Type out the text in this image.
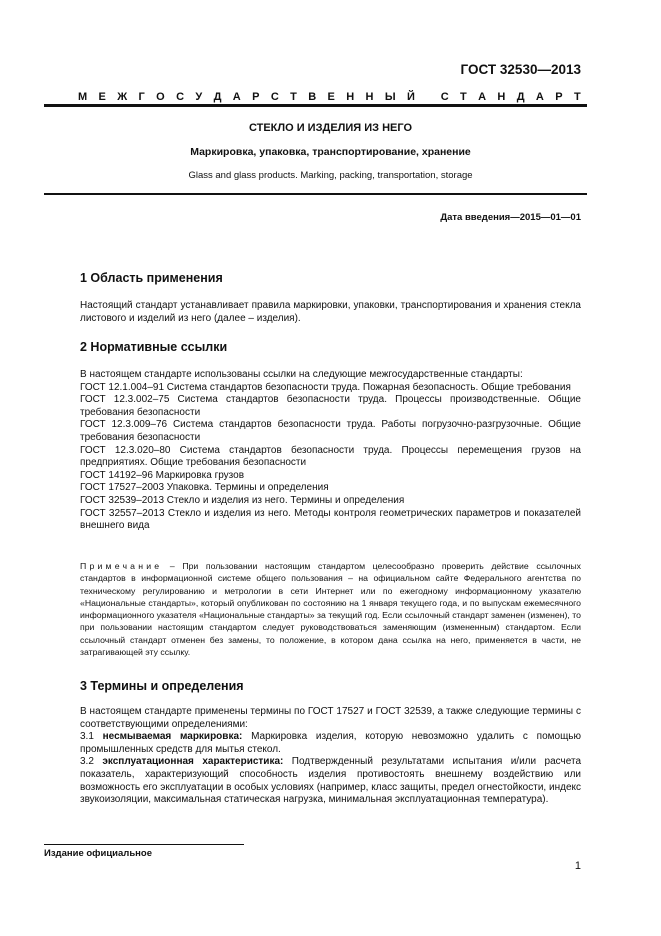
ГОСТ 32530—2013
М Е Ж Г О С У Д А Р С Т В Е Н Н Ы Й
С Т А Н Д А Р Т
СТЕКЛО И ИЗДЕЛИЯ ИЗ НЕГО
Маркировка, упаковка, транспортирование, хранение
Glass and glass products. Marking, packing, transportation, storage
Дата введения—2015—01—01
1 Область применения
Настоящий стандарт устанавливает правила маркировки, упаковки, транспортирования и хранения стекла листового и изделий из него (далее – изделия).
2 Нормативные ссылки
В настоящем стандарте использованы ссылки на следующие межгосударственные стандарты:
ГОСТ 12.1.004–91 Система стандартов безопасности труда. Пожарная безопасность. Общие требования
ГОСТ 12.3.002–75 Система стандартов безопасности труда. Процессы производственные. Общие требования безопасности
ГОСТ 12.3.009–76 Система стандартов безопасности труда. Работы погрузочно-разгрузочные. Общие требования безопасности
ГОСТ 12.3.020–80 Система стандартов безопасности труда. Процессы перемещения грузов на предприятиях. Общие требования безопасности
ГОСТ 14192–96 Маркировка грузов
ГОСТ 17527–2003 Упаковка. Термины и определения
ГОСТ 32539–2013 Стекло и изделия из него. Термины и определения
ГОСТ 32557–2013 Стекло и изделия из него. Методы контроля геометрических параметров и показателей внешнего вида
Примечание – При пользовании настоящим стандартом целесообразно проверить действие ссылочных стандартов в информационной системе общего пользования – на официальном сайте Федерального агентства по техническому регулированию и метрологии в сети Интернет или по ежегодному информационному указателю «Национальные стандарты», который опубликован по состоянию на 1 января текущего года, и по выпускам ежемесячного информационного указателя «Национальные стандарты» за текущий год. Если ссылочный стандарт заменен (изменен), то при пользовании настоящим стандартом следует руководствоваться заменяющим (измененным) стандартом. Если ссылочный стандарт отменен без замены, то положение, в котором дана ссылка на него, применяется в части, не затрагивающей эту ссылку.
3 Термины и определения
В настоящем стандарте применены термины по ГОСТ 17527 и ГОСТ 32539, а также следующие термины с соответствующими определениями:
3.1 несмываемая маркировка: Маркировка изделия, которую невозможно удалить с помощью промышленных средств для мытья стекол.
3.2 эксплуатационная характеристика: Подтвержденный результатами испытания и/или расчета показатель, характеризующий способность изделия противостоять внешнему воздействию или возможность его эксплуатации в особых условиях (например, класс защиты, предел огнестойкости, индекс звукоизоляции, максимальная статическая нагрузка, минимальная эксплуатационная температура).
Издание официальное
1
